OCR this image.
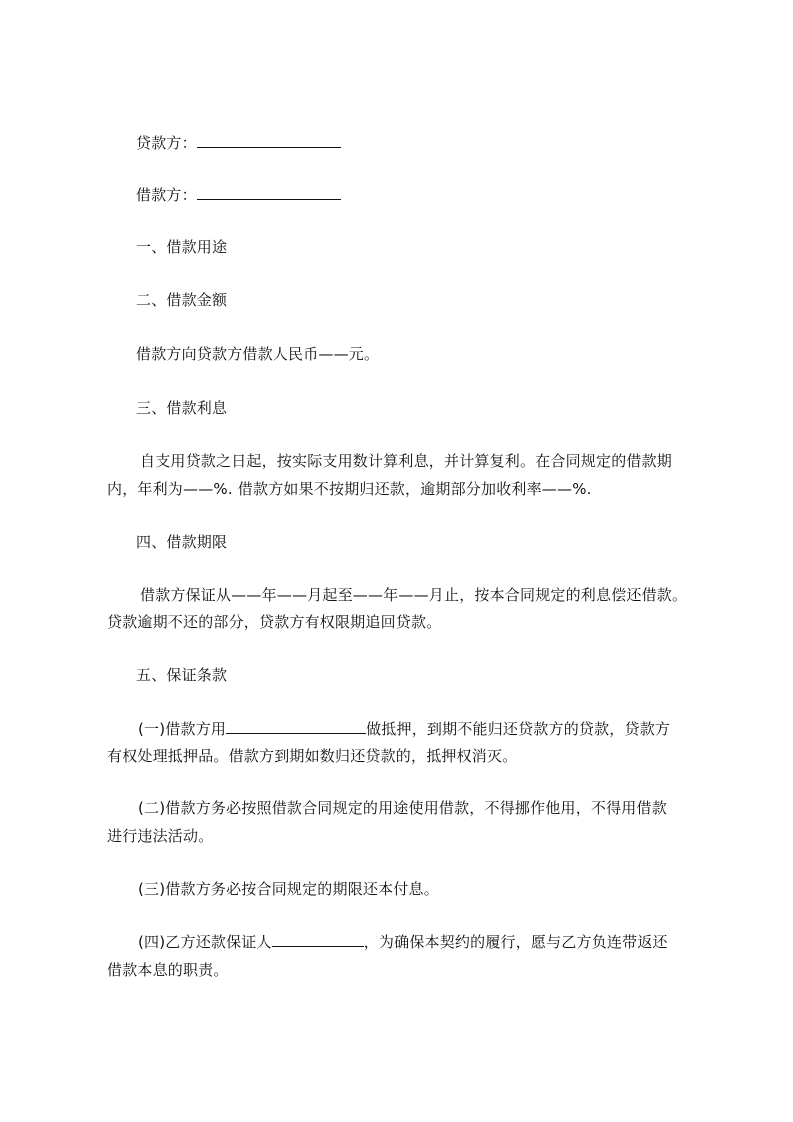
贷款方：
借款方：
一、借款用途
二、借款金额
借款方向贷款方借款人民币——元。
三、借款利息
自支用贷款之日起，按实际支用数计算利息，并计算复利。在合同规定的借款期
内，年利为——%. 借款方如果不按期归还款，逾期部分加收利率——%.
四、借款期限
借款方保证从——年——月起至——年——月止，按本合同规定的利息偿还借款。
贷款逾期不还的部分，贷款方有权限期追回贷款。
五、保证条款
(一)借款方用	做抵押，到期不能归还贷款方的贷款，贷款方
有权处理抵押品。借款方到期如数归还贷款的，抵押权消灭。
(二)借款方务必按照借款合同规定的用途使用借款，不得挪作他用，不得用借款
进行违法活动。
(三)借款方务必按合同规定的期限还本付息。
(四)乙方还款保证人	，为确保本契约的履行，愿与乙方负连带返还
借款本息的职责。
